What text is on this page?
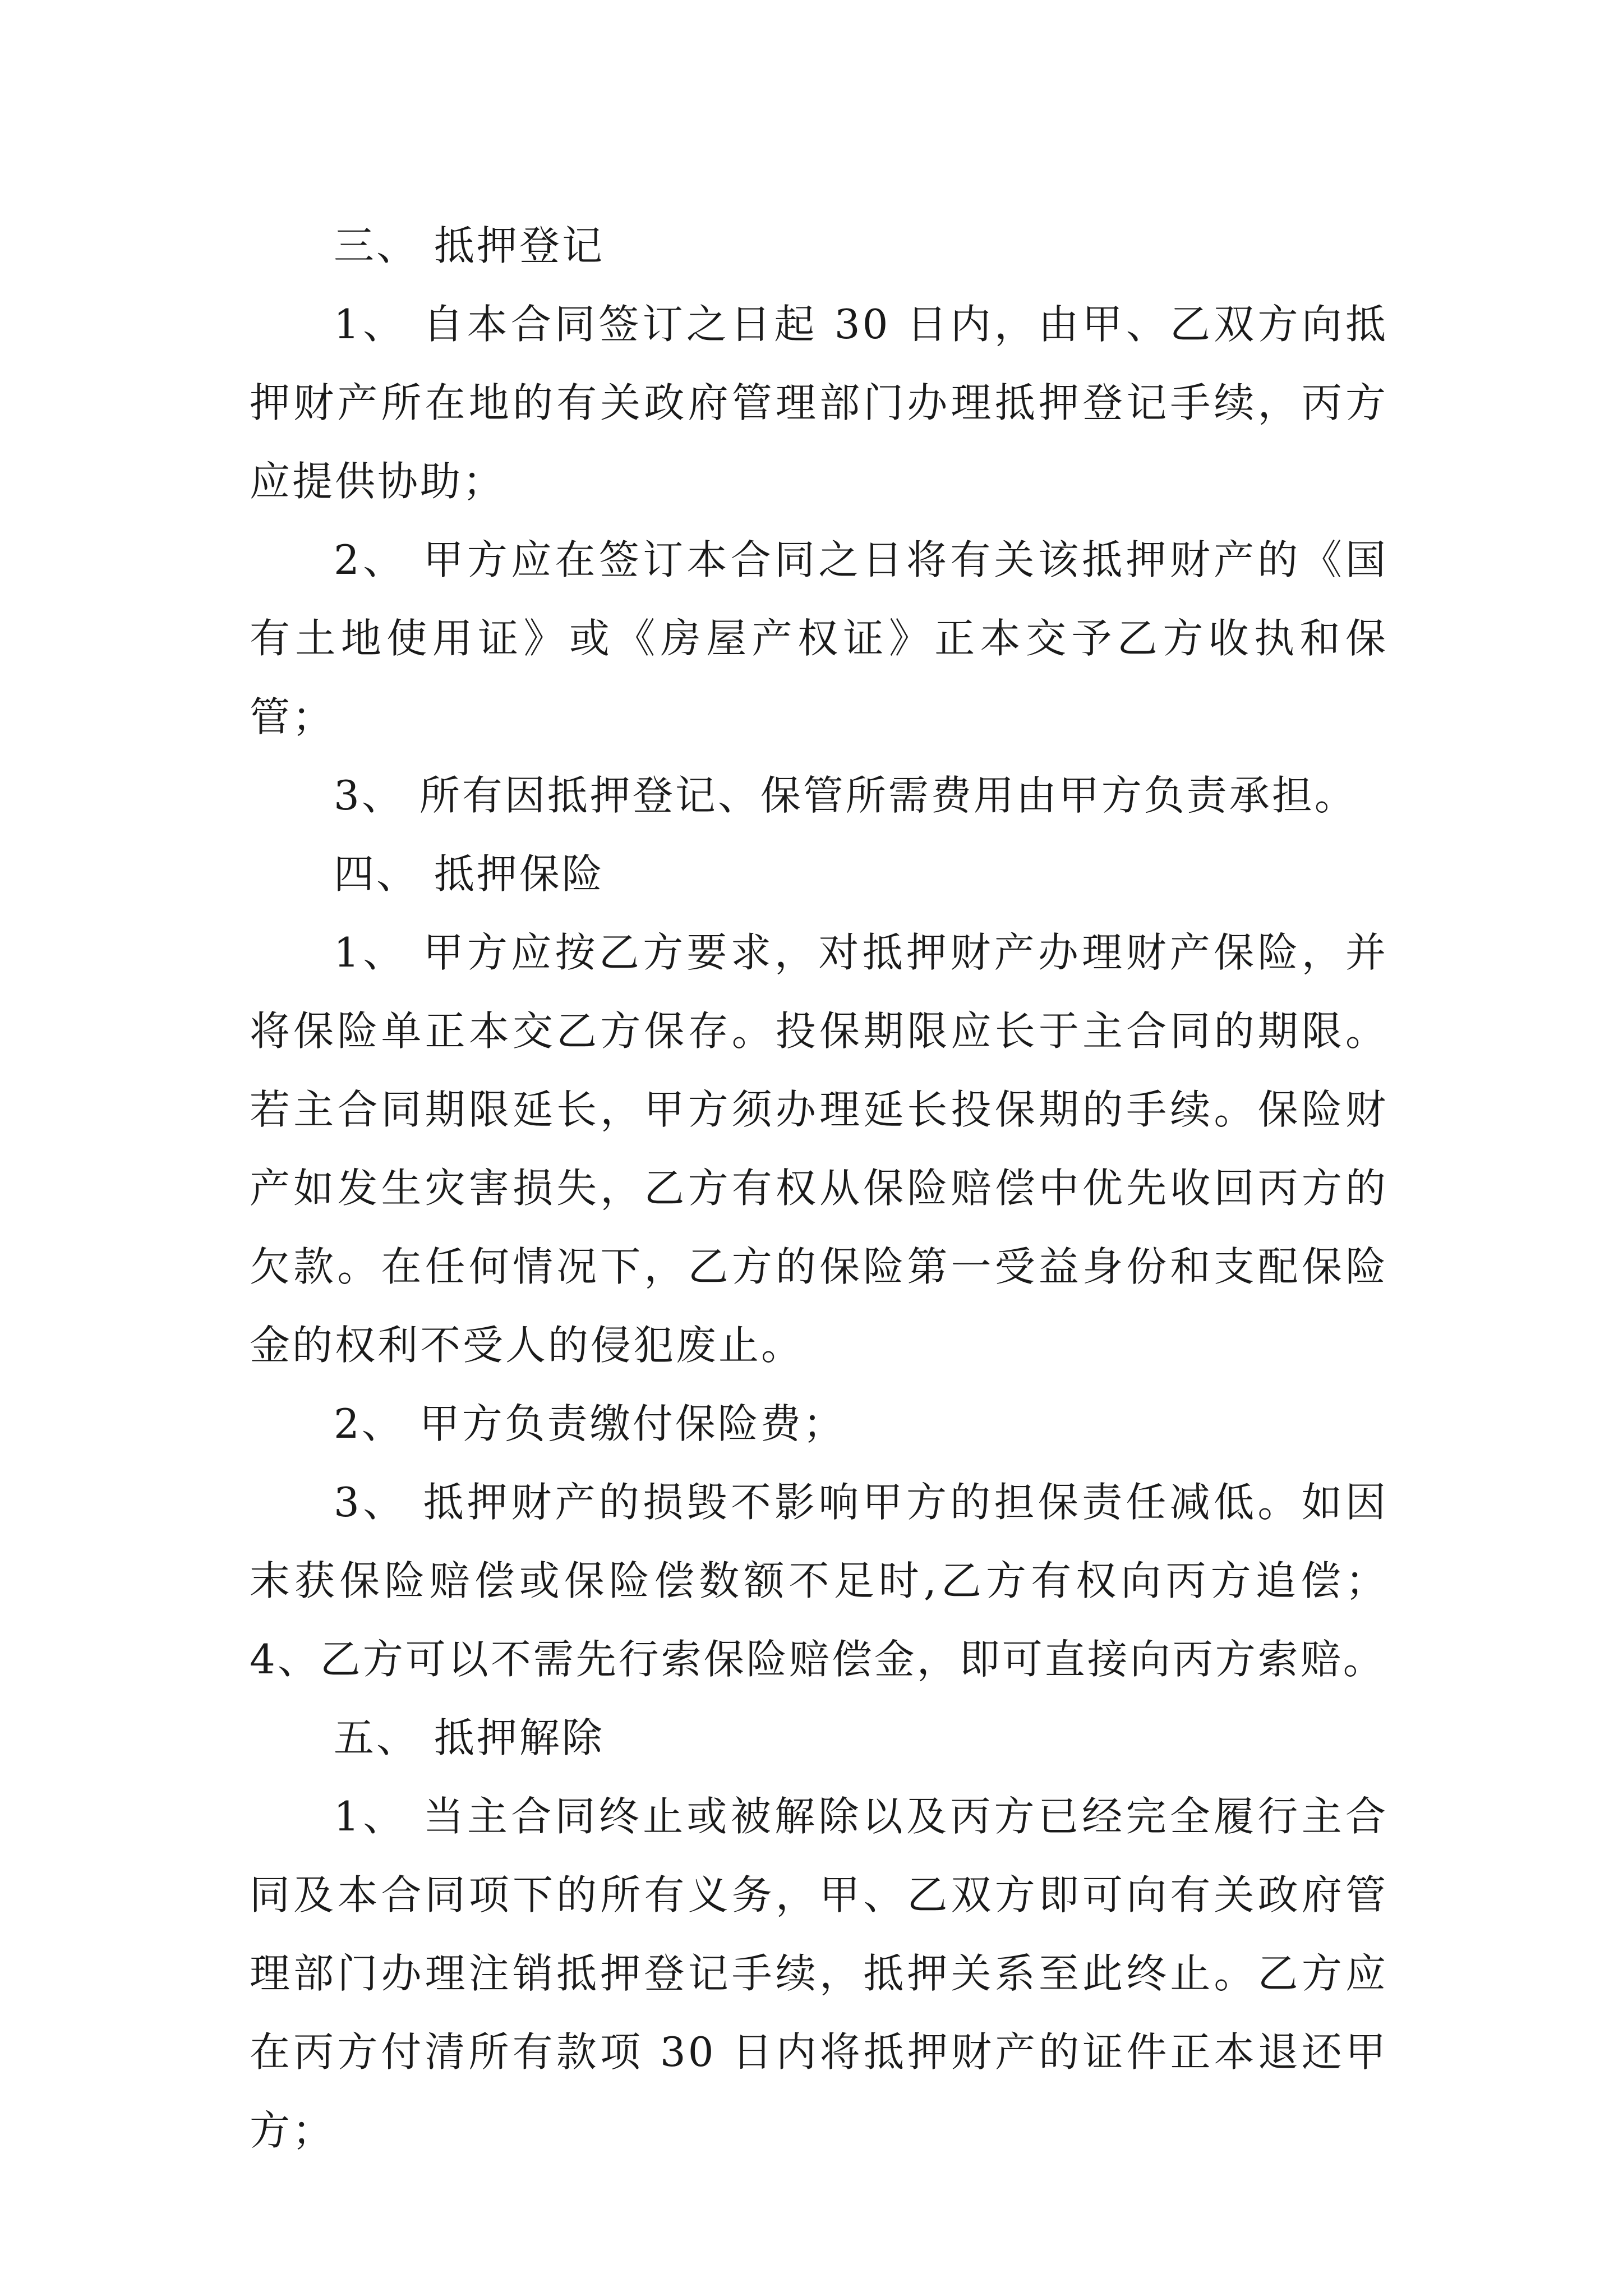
三、 抵押登记

1、 自本合同签订之日起 30 日内，由甲、乙双方向抵押财产所在地的有关政府管理部门办理抵押登记手续，丙方应提供协助；

2、 甲方应在签订本合同之日将有关该抵押财产的《国有土地使用证》或《房屋产权证》正本交予乙方收执和保管；

3、 所有因抵押登记、保管所需费用由甲方负责承担。

四、 抵押保险

1、 甲方应按乙方要求，对抵押财产办理财产保险，并将保险单正本交乙方保存。投保期限应长于主合同的期限。若主合同期限延长，甲方须办理延长投保期的手续。保险财产如发生灾害损失，乙方有权从保险赔偿中优先收回丙方的欠款。在任何情况下，乙方的保险第一受益身份和支配保险金的权利不受人的侵犯废止。

2、 甲方负责缴付保险费；

3、 抵押财产的损毁不影响甲方的担保责任减低。如因末获保险赔偿或保险偿数额不足时,乙方有权向丙方追偿；4、乙方可以不需先行索保险赔偿金，即可直接向丙方索赔。

五、 抵押解除

1、 当主合同终止或被解除以及丙方已经完全履行主合同及本合同项下的所有义务，甲、乙双方即可向有关政府管理部门办理注销抵押登记手续，抵押关系至此终止。乙方应在丙方付清所有款项 30 日内将抵押财产的证件正本退还甲方；
